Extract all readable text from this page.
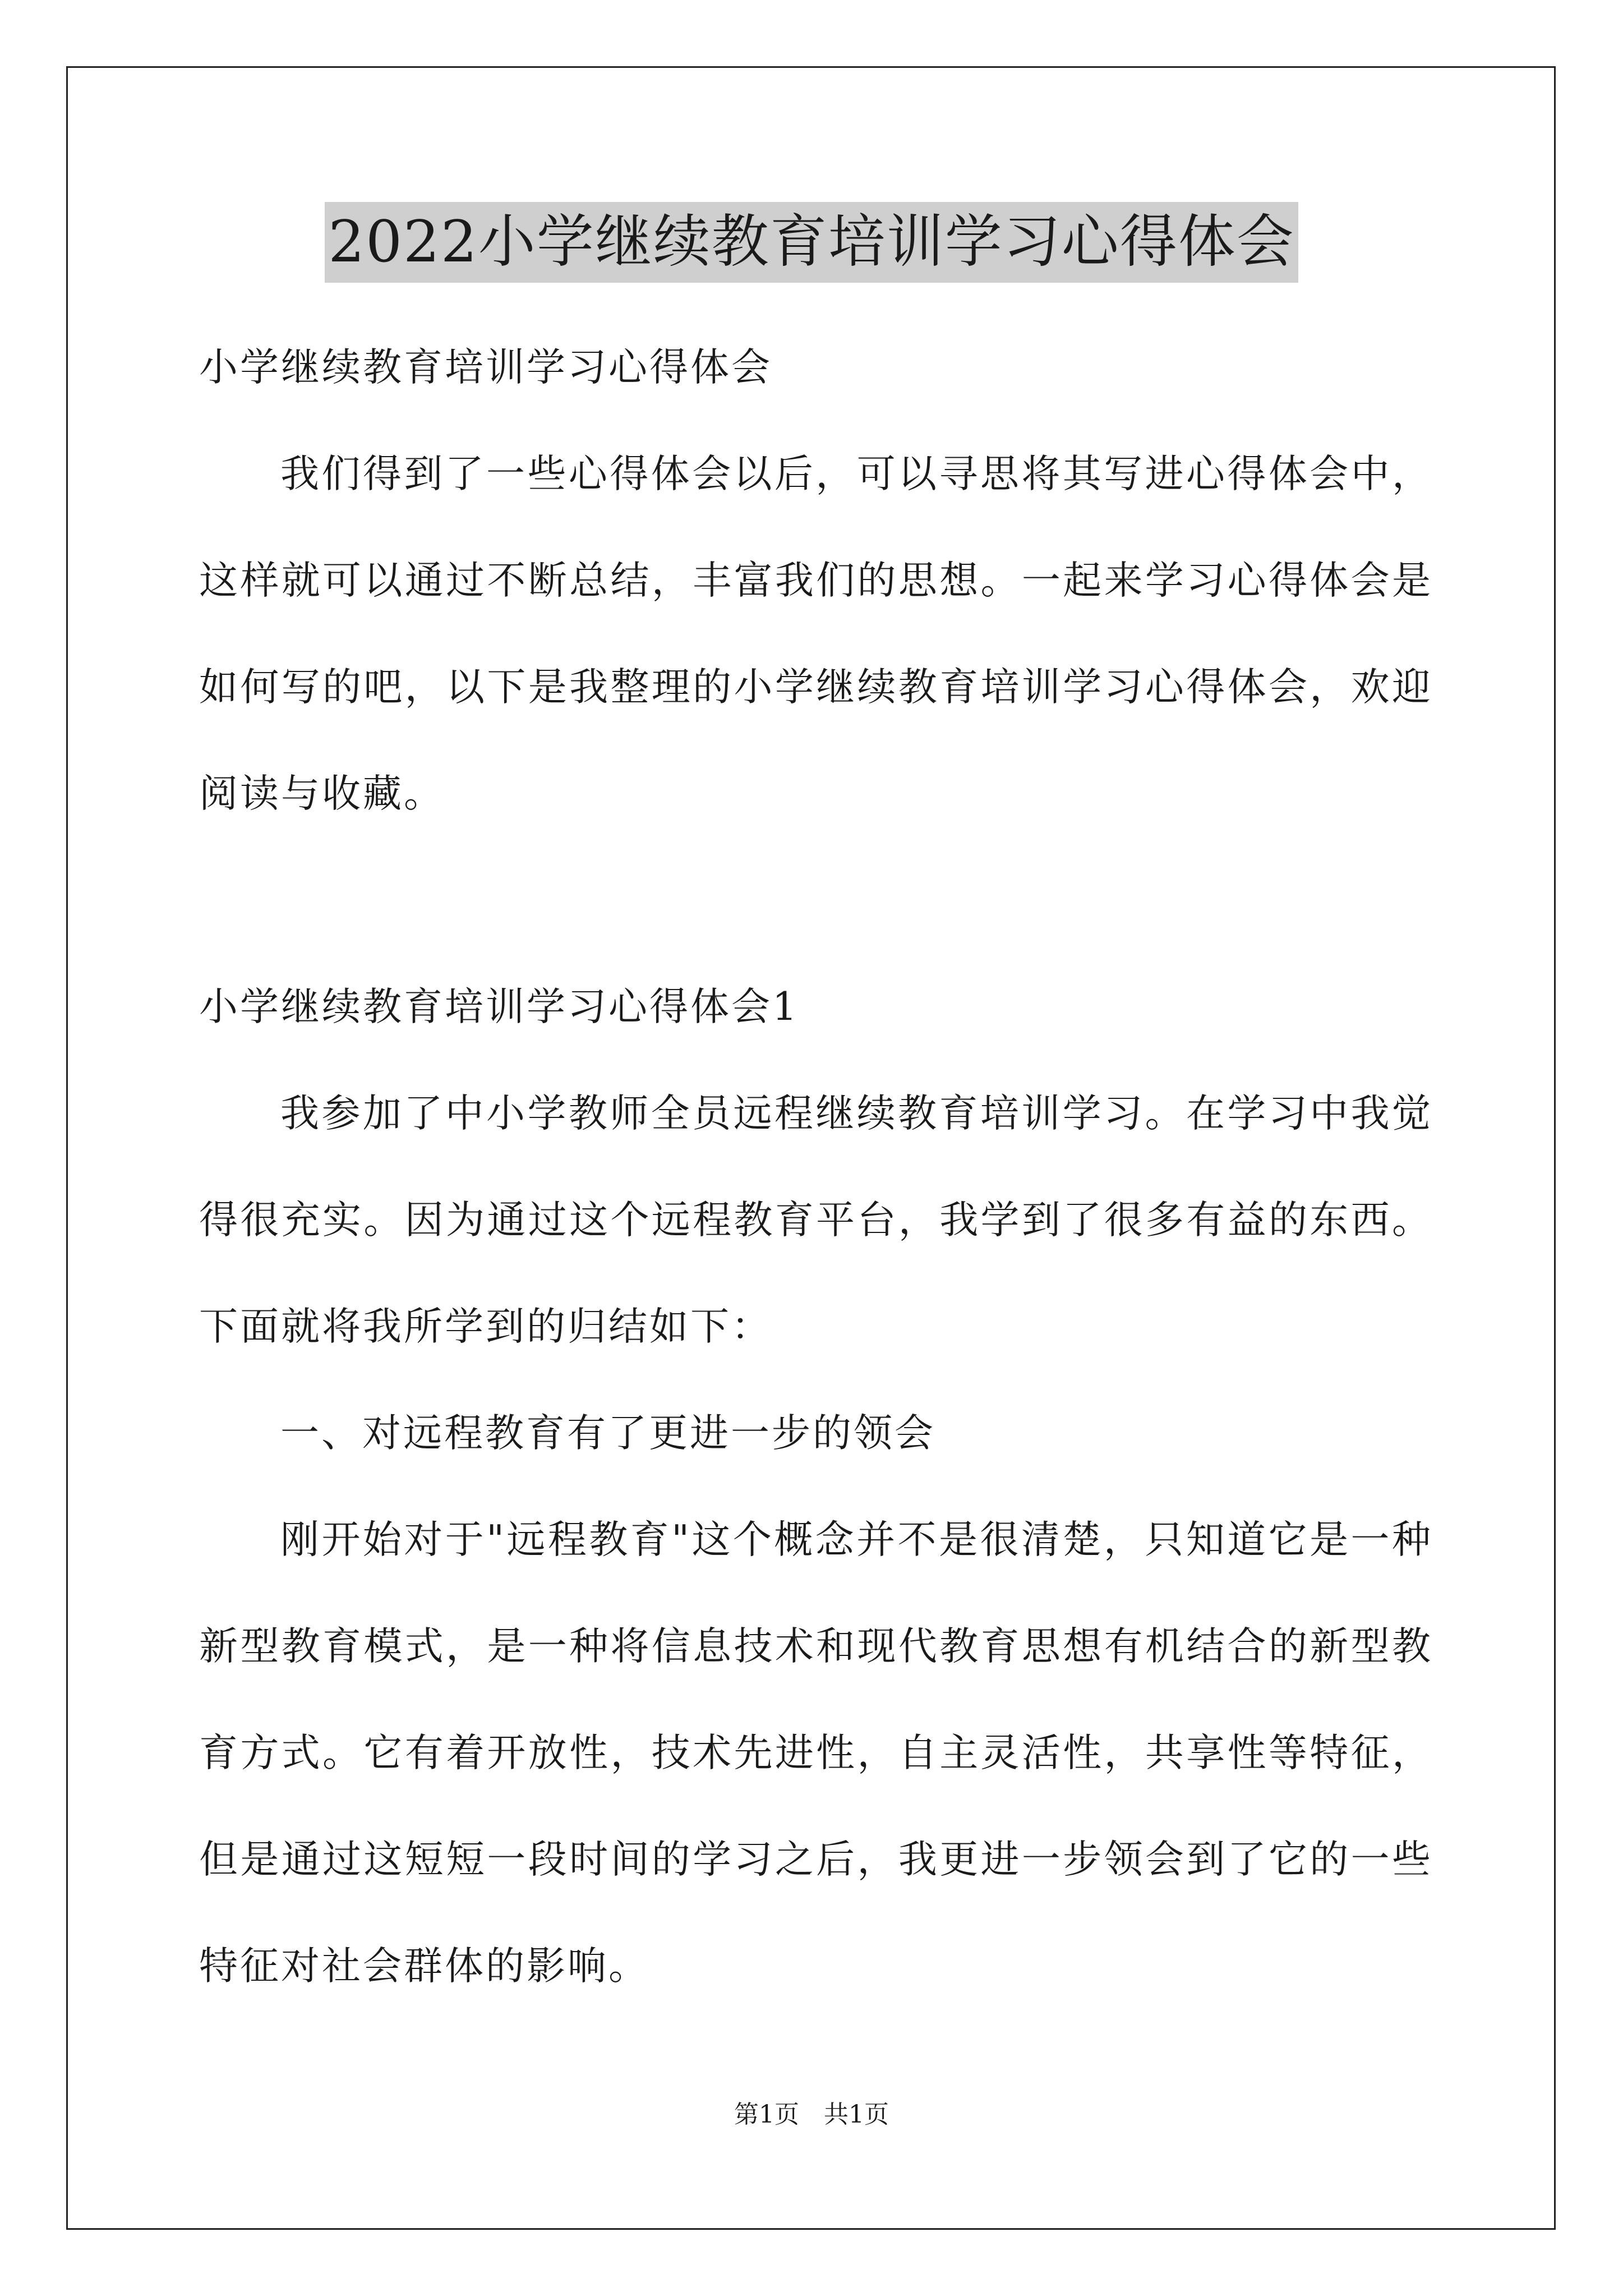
2022小学继续教育培训学习心得体会

小学继续教育培训学习心得体会

我们得到了一些心得体会以后，可以寻思将其写进心得体会中，这样就可以通过不断总结，丰富我们的思想。一起来学习心得体会是如何写的吧，以下是我整理的小学继续教育培训学习心得体会，欢迎阅读与收藏。

小学继续教育培训学习心得体会1

我参加了中小学教师全员远程继续教育培训学习。在学习中我觉得很充实。因为通过这个远程教育平台，我学到了很多有益的东西。下面就将我所学到的归结如下：

一、对远程教育有了更进一步的领会

刚开始对于"远程教育"这个概念并不是很清楚，只知道它是一种新型教育模式，是一种将信息技术和现代教育思想有机结合的新型教育方式。它有着开放性，技术先进性，自主灵活性，共享性等特征，但是通过这短短一段时间的学习之后，我更进一步领会到了它的一些特征对社会群体的影响。

第1页 共1页
